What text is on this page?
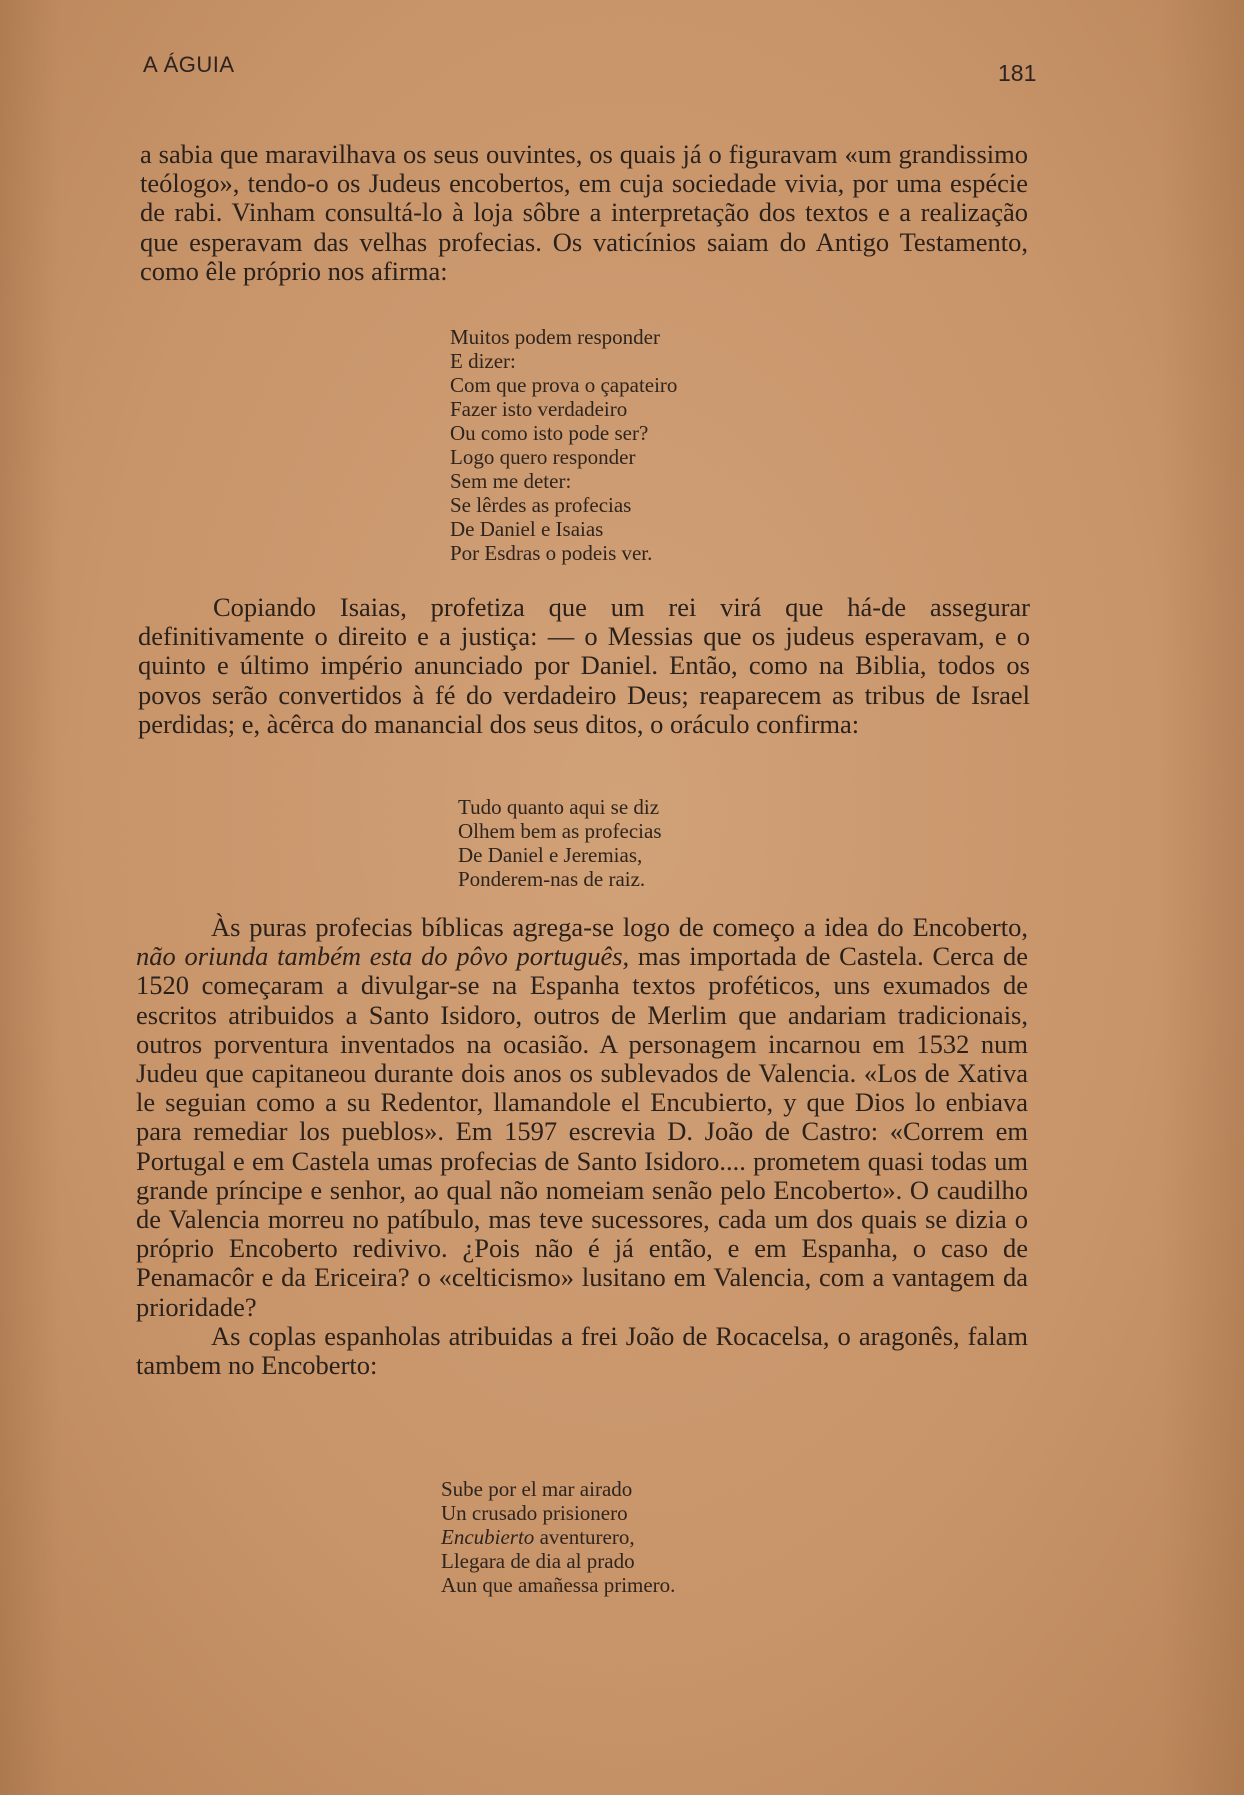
A ÁGUIA	181

a sabia que maravilhava os seus ouvintes, os quais já o figuravam «um grandissimo teólogo», tendo-o os Judeus encobertos, em cuja sociedade vivia, por uma espécie de rabi. Vinham consultá-lo à loja sôbre a interpretação dos textos e a realização que esperavam das velhas profecias. Os vaticínios saiam do Antigo Testamento, como êle próprio nos afirma:

Muitos podem responder
E dizer:
Com que prova o çapateiro
Fazer isto verdadeiro
Ou como isto pode ser?
Logo quero responder
Sem me deter:
Se lêrdes as profecias
De Daniel e Isaias
Por Esdras o podeis ver.

Copiando Isaias, profetiza que um rei virá que há-de assegurar definitivamente o direito e a justiça: — o Messias que os judeus esperavam, e o quinto e último império anunciado por Daniel. Então, como na Biblia, todos os povos serão convertidos à fé do verdadeiro Deus; reaparecem as tribus de Israel perdidas; e, àcêrca do manancial dos seus ditos, o oráculo confirma:

Tudo quanto aqui se diz
Olhem bem as profecias
De Daniel e Jeremias,
Ponderem-nas de raiz.

Às puras profecias bíblicas agrega-se logo de começo a idea do Encoberto, não oriunda também esta do pôvo português, mas importada de Castela. Cerca de 1520 começaram a divulgar-se na Espanha textos proféticos, uns exumados de escritos atribuidos a Santo Isidoro, outros de Merlim que andariam tradicionais, outros porventura inventados na ocasião. A personagem incarnou em 1532 num Judeu que capitaneou durante dois anos os sublevados de Valencia. «Los de Xativa le seguian como a su Redentor, llamandole el Encubierto, y que Dios lo enbiava para remediar los pueblos». Em 1597 escrevia D. João de Castro: «Correm em Portugal e em Castela umas profecias de Santo Isidoro.... prometem quasi todas um grande príncipe e senhor, ao qual não nomeiam senão pelo Encoberto». O caudilho de Valencia morreu no patíbulo, mas teve sucessores, cada um dos quais se dizia o próprio Encoberto redivivo. ¿Pois não é já então, e em Espanha, o caso de Penamacôr e da Ericeira? o «celticismo» lusitano em Valencia, com a vantagem da prioridade?

As coplas espanholas atribuidas a frei João de Rocacelsa, o aragonês, falam tambem no Encoberto:

Sube por el mar airado
Un crusado prisionero
Encubierto aventurero,
Llegara de dia al prado
Aun que amañessa primero.
